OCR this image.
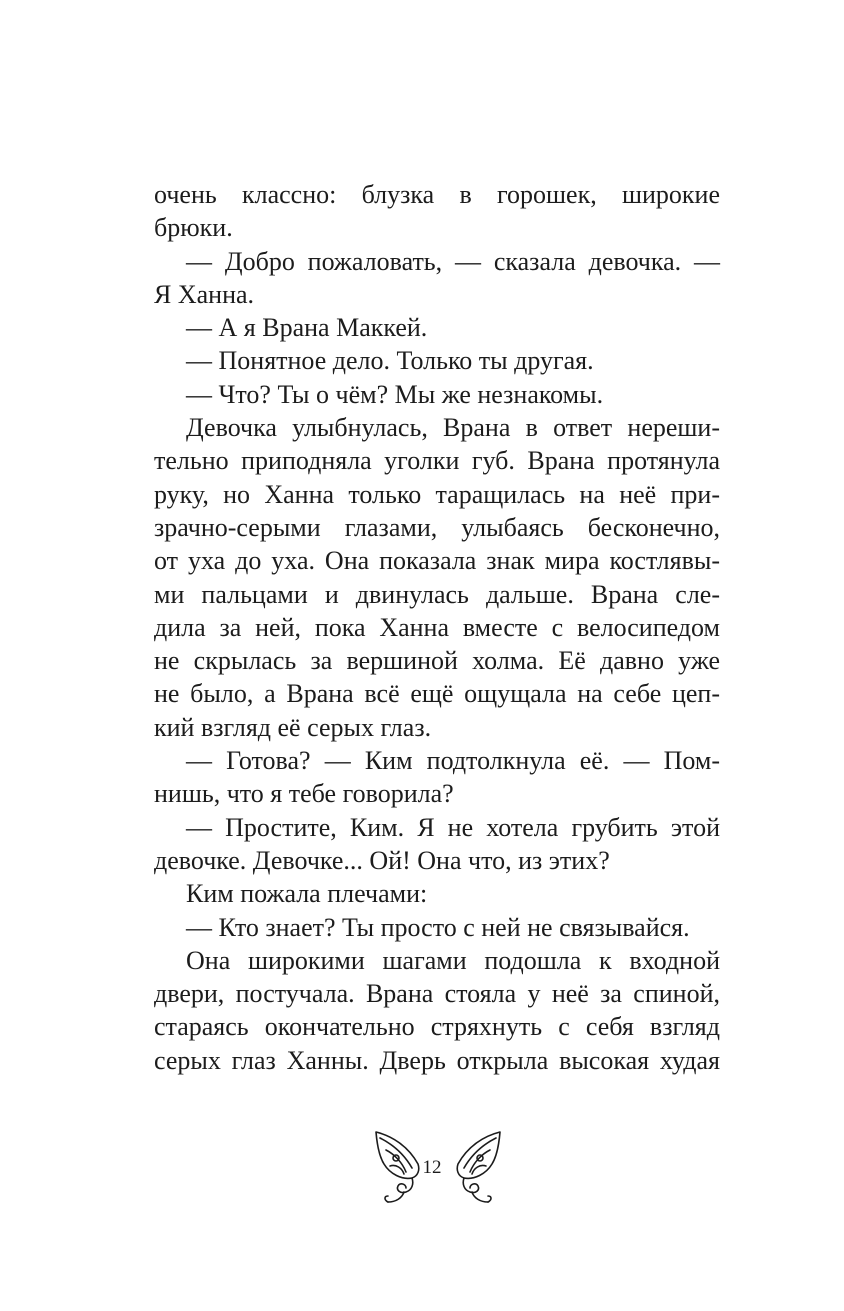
очень классно: блузка в горошек, широкие
брюки.
— Добро пожаловать, — сказала девочка. —
Я Ханна.
— А я Врана Маккей.
— Понятное дело. Только ты другая.
— Что? Ты о чём? Мы же незнакомы.
Девочка улыбнулась, Врана в ответ нереши-
тельно приподняла уголки губ. Врана протянула
руку, но Ханна только таращилась на неё при-
зрачно-серыми глазами, улыбаясь бесконечно,
от уха до уха. Она показала знак мира костлявы-
ми пальцами и двинулась дальше. Врана сле-
дила за ней, пока Ханна вместе с велосипедом
не скрылась за вершиной холма. Её давно уже
не было, а Врана всё ещё ощущала на себе цеп-
кий взгляд её серых глаз.
— Готова? — Ким подтолкнула её. — Пом-
нишь, что я тебе говорила?
— Простите, Ким. Я не хотела грубить этой
девочке. Девочке... Ой! Она что, из этих?
Ким пожала плечами:
— Кто знает? Ты просто с ней не связывайся.
Она широкими шагами подошла к входной
двери, постучала. Врана стояла у неё за спиной,
стараясь окончательно стряхнуть с себя взгляд
серых глаз Ханны. Дверь открыла высокая худая
12
